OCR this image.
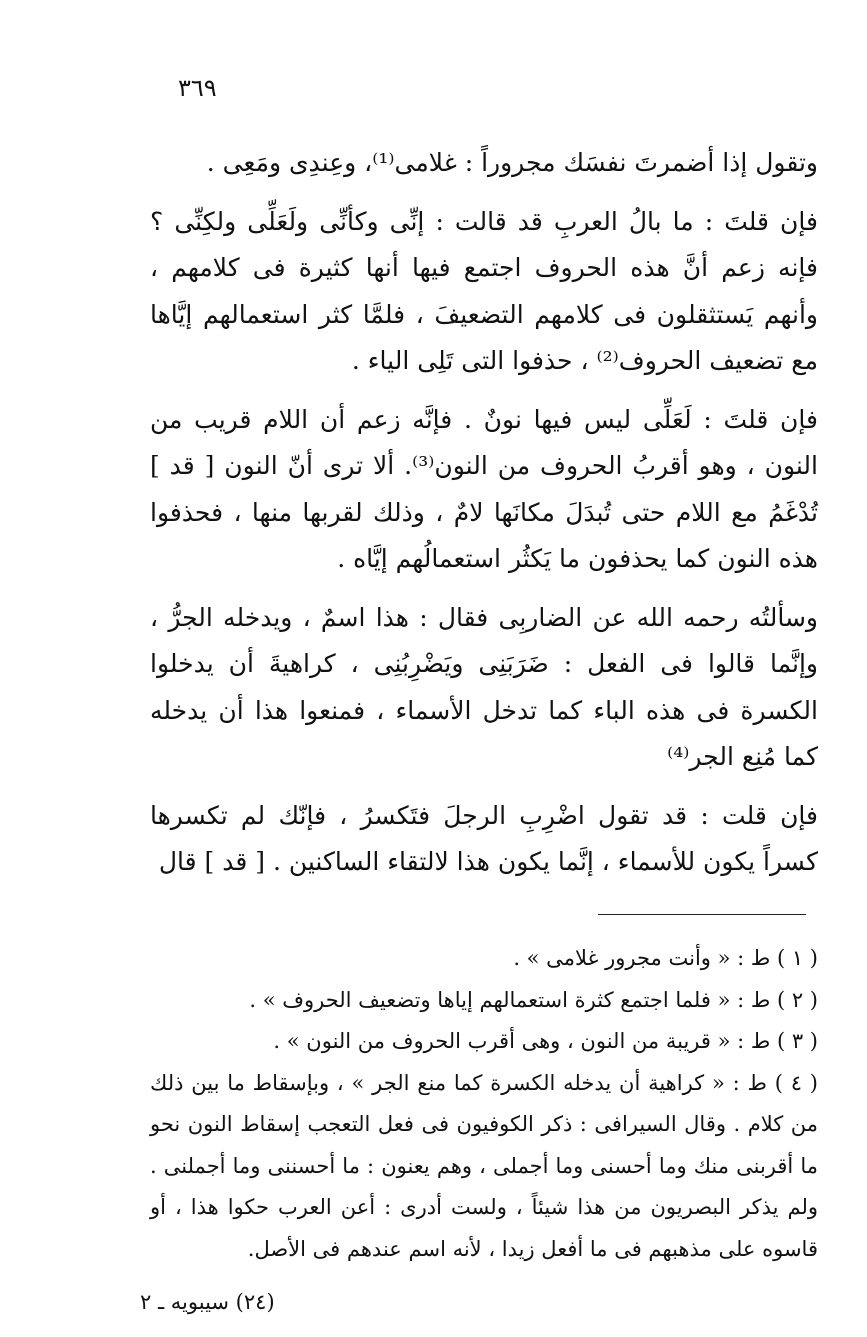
٣٦٩

وتقول إذا أضمرتَ نفسَك مجروراً : غلامى⁽¹⁾، وعِندِى ومَعِى .

فإن قلتَ : ما بالُ العربِ قد قالت : إنِّى وكأنِّى ولَعَلِّى ولكِنِّى ؟ فإنه زعم أنَّ هذه الحروف اجتمع فيها أنها كثيرة فى كلامهم ، وأنهم يَستثقلون فى كلامهم التضعيفَ ، فلمَّا كثر استعمالهم إيَّاها مع تضعيف الحروف⁽²⁾ ، حذفوا التى تَلِى الياء .

فإن قلتَ : لَعَلِّى ليس فيها نونٌ . فإنَّه زعم أن اللام قريب من النون ، وهو أقربُ الحروف من النون⁽³⁾. ألا ترى أنّ النون [ قد ] تُدْغَمُ مع اللام حتى تُبدَلَ مكانَها لامٌ ، وذلك لقربها منها ، فحذفوا هذه النون كما يحذفون ما يَكثُر استعمالُهم إيَّاه .

وسألتُه رحمه الله عن الضاربِى فقال : هذا اسمٌ ، ويدخله الجرُّ ، وإنَّما قالوا فى الفعل : ضَرَبَنِى ويَضْرِبُنِى ، كراهيةَ أن يدخلوا الكسرة فى هذه الباء كما تدخل الأسماء ، فمنعوا هذا أن يدخله كما مُنِع الجر⁽⁴⁾

فإن قلت : قد تقول اضْرِبِ الرجلَ فتَكسرُ ، فإنّك لم تكسرها كسراً يكون للأسماء ، إنَّما يكون هذا لالتقاء الساكنين . [ قد ] قال

( ١ ) ط : « وأنت مجرور غلامى » .

( ٢ ) ط : « فلما اجتمع كثرة استعمالهم إياها وتضعيف الحروف » .

( ٣ ) ط : « قريبة من النون ، وهى أقرب الحروف من النون » .

( ٤ ) ط : « كراهية أن يدخله الكسرة كما منع الجر » ، وبإسقاط ما بين ذلك من كلام . وقال السيرافى : ذكر الكوفيون فى فعل التعجب إسقاط النون نحو ما أقربنى منك وما أحسنى وما أجملى ، وهم يعنون : ما أحسننى وما أجملنى . ولم يذكر البصريون من هذا شيئاً ، ولست أدرى : أعن العرب حكوا هذا ، أو قاسوه على مذهبهم فى ما أفعل زيدا ، لأنه اسم عندهم فى الأصل.

(٢٤) سيبويه ـ ٢
